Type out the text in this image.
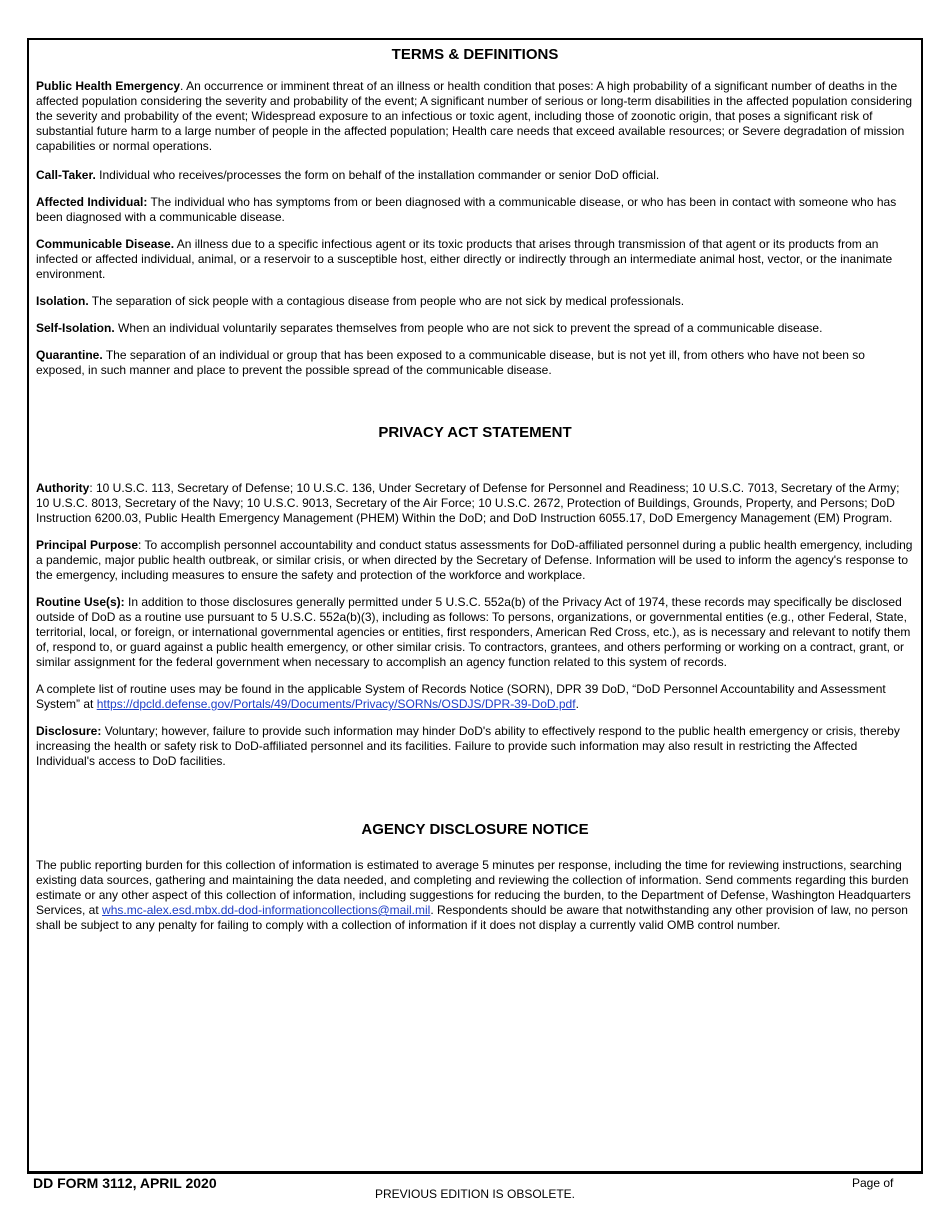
TERMS & DEFINITIONS

Public Health Emergency. An occurrence or imminent threat of an illness or health condition that poses: A high probability of a significant number of deaths in the affected population considering the severity and probability of the event; A significant number of serious or long-term disabilities in the affected population considering the severity and probability of the event; Widespread exposure to an infectious or toxic agent, including those of zoonotic origin, that poses a significant risk of substantial future harm to a large number of people in the affected population; Health care needs that exceed available resources; or Severe degradation of mission capabilities or normal operations.

Call-Taker. Individual who receives/processes the form on behalf of the installation commander or senior DoD official.

Affected Individual: The individual who has symptoms from or been diagnosed with a communicable disease, or who has been in contact with someone who has been diagnosed with a communicable disease.

Communicable Disease. An illness due to a specific infectious agent or its toxic products that arises through transmission of that agent or its products from an infected or affected individual, animal, or a reservoir to a susceptible host, either directly or indirectly through an intermediate animal host, vector, or the inanimate environment.

Isolation. The separation of sick people with a contagious disease from people who are not sick by medical professionals.

Self-Isolation. When an individual voluntarily separates themselves from people who are not sick to prevent the spread of a communicable disease.

Quarantine. The separation of an individual or group that has been exposed to a communicable disease, but is not yet ill, from others who have not been so exposed, in such manner and place to prevent the possible spread of the communicable disease.

PRIVACY ACT STATEMENT

Authority: 10 U.S.C. 113, Secretary of Defense; 10 U.S.C. 136, Under Secretary of Defense for Personnel and Readiness; 10 U.S.C. 7013, Secretary of the Army; 10 U.S.C. 8013, Secretary of the Navy; 10 U.S.C. 9013, Secretary of the Air Force; 10 U.S.C. 2672, Protection of Buildings, Grounds, Property, and Persons; DoD Instruction 6200.03, Public Health Emergency Management (PHEM) Within the DoD; and DoD Instruction 6055.17, DoD Emergency Management (EM) Program.

Principal Purpose: To accomplish personnel accountability and conduct status assessments for DoD-affiliated personnel during a public health emergency, including a pandemic, major public health outbreak, or similar crisis, or when directed by the Secretary of Defense. Information will be used to inform the agency's response to the emergency, including measures to ensure the safety and protection of the workforce and workplace.

Routine Use(s): In addition to those disclosures generally permitted under 5 U.S.C. 552a(b) of the Privacy Act of 1974, these records may specifically be disclosed outside of DoD as a routine use pursuant to 5 U.S.C. 552a(b)(3), including as follows: To persons, organizations, or governmental entities (e.g., other Federal, State, territorial, local, or foreign, or international governmental agencies or entities, first responders, American Red Cross, etc.), as is necessary and relevant to notify them of, respond to, or guard against a public health emergency, or other similar crisis. To contractors, grantees, and others performing or working on a contract, grant, or similar assignment for the federal government when necessary to accomplish an agency function related to this system of records.

A complete list of routine uses may be found in the applicable System of Records Notice (SORN), DPR 39 DoD, “DoD Personnel Accountability and Assessment System” at https://dpcld.defense.gov/Portals/49/Documents/Privacy/SORNs/OSDJS/DPR-39-DoD.pdf.

Disclosure: Voluntary; however, failure to provide such information may hinder DoD's ability to effectively respond to the public health emergency or crisis, thereby increasing the health or safety risk to DoD-affiliated personnel and its facilities. Failure to provide such information may also result in restricting the Affected Individual's access to DoD facilities.

AGENCY DISCLOSURE NOTICE

The public reporting burden for this collection of information is estimated to average 5 minutes per response, including the time for reviewing instructions, searching existing data sources, gathering and maintaining the data needed, and completing and reviewing the collection of information. Send comments regarding this burden estimate or any other aspect of this collection of information, including suggestions for reducing the burden, to the Department of Defense, Washington Headquarters Services, at whs.mc-alex.esd.mbx.dd-dod-informationcollections@mail.mil. Respondents should be aware that notwithstanding any other provision of law, no person shall be subject to any penalty for failing to comply with a collection of information if it does not display a currently valid OMB control number.

DD FORM 3112, APRIL 2020
PREVIOUS EDITION IS OBSOLETE.
Page of
